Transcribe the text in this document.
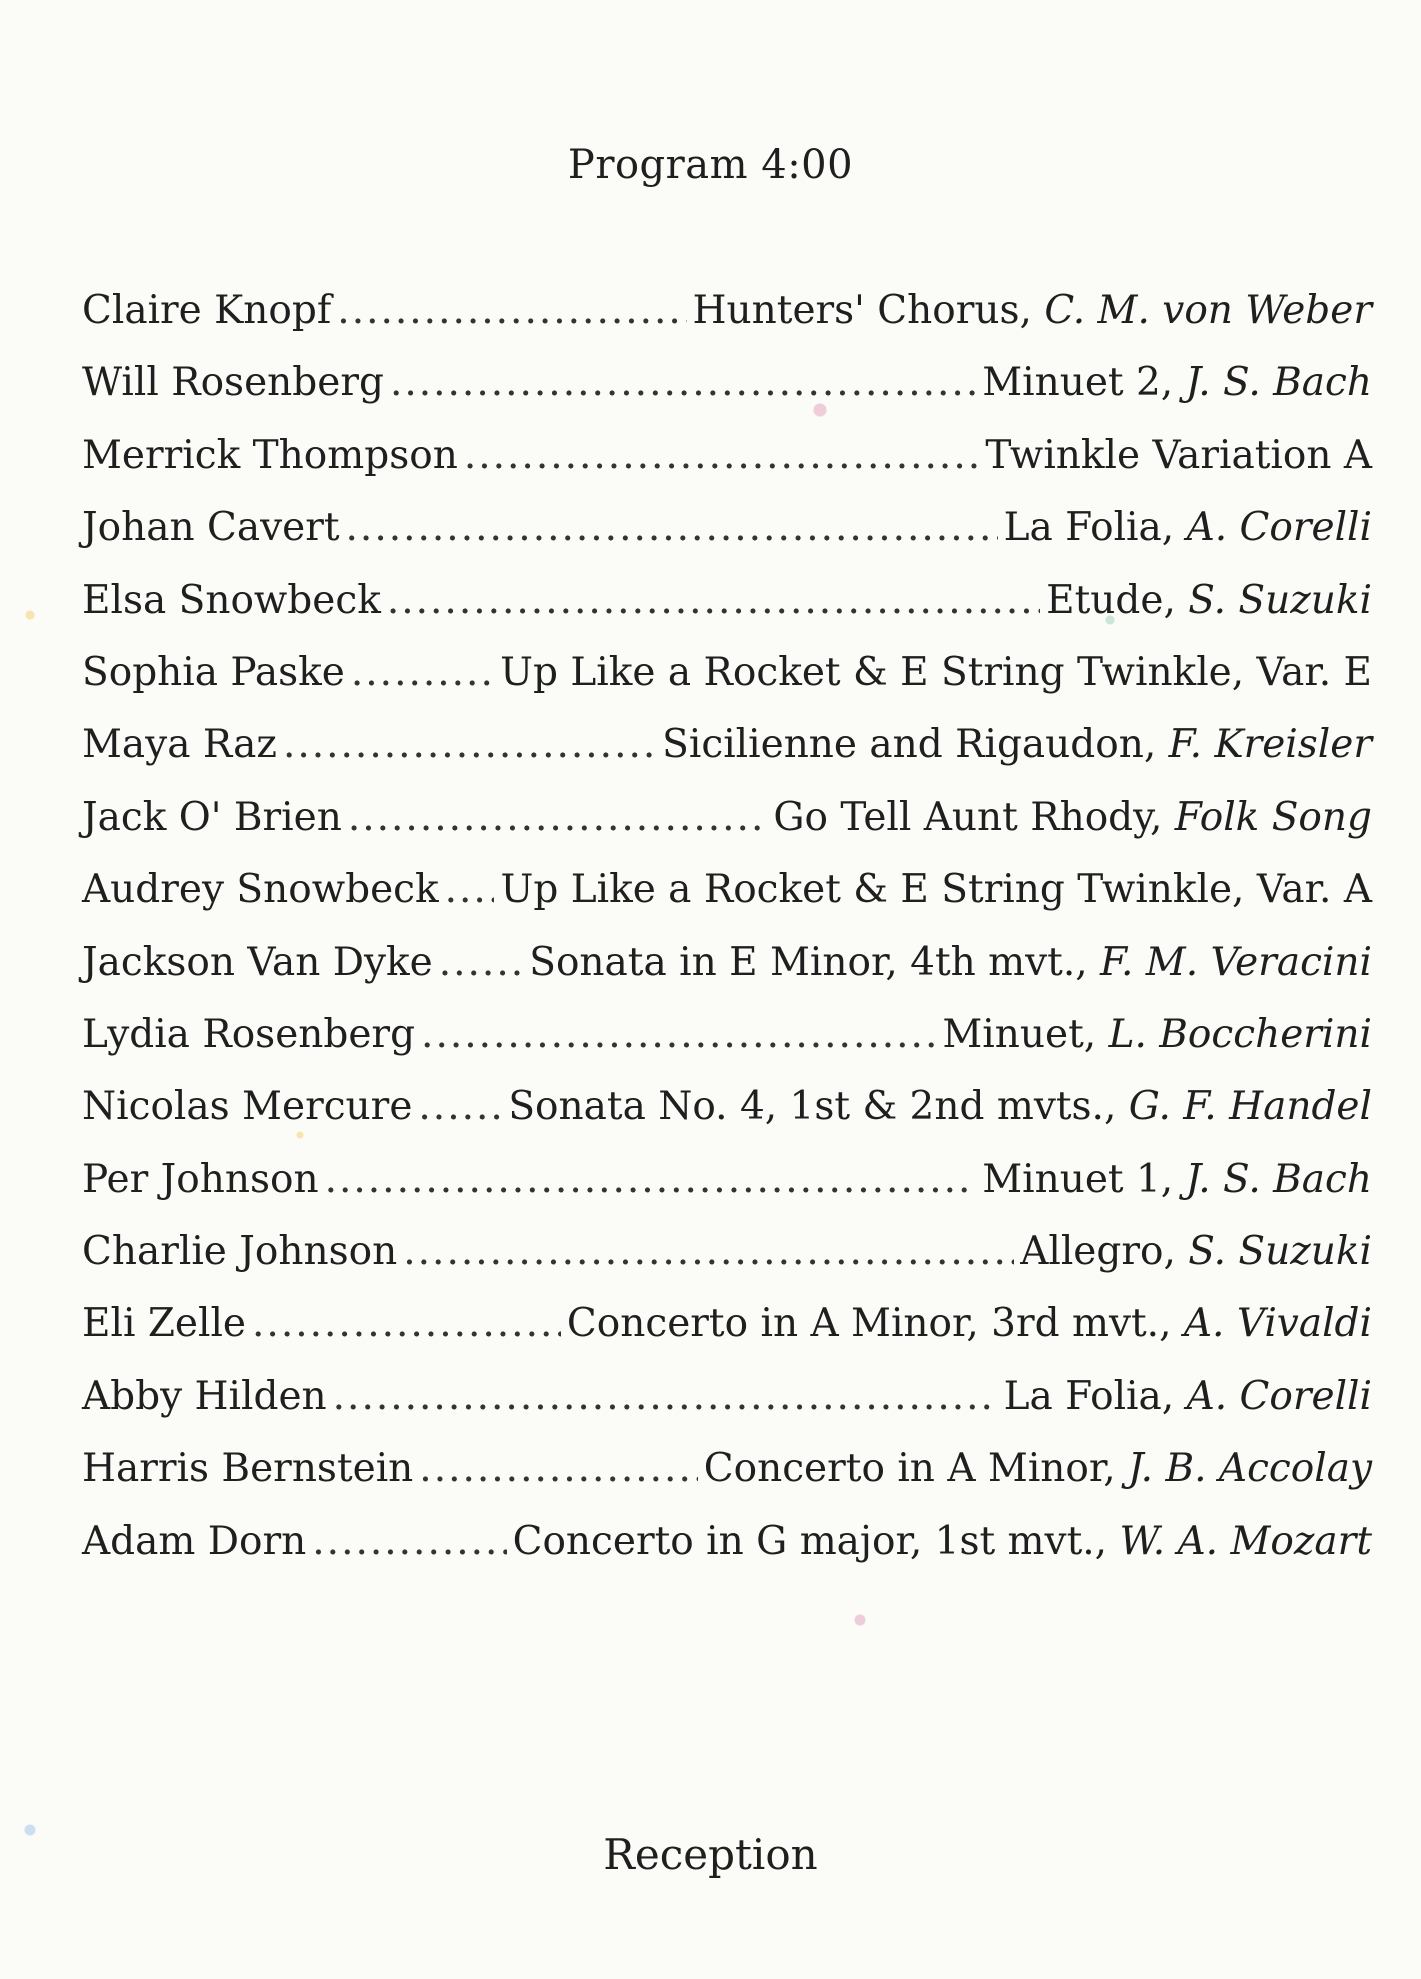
Program 4:00
Claire Knopf .....	Hunters' Chorus, C. M. von Weber
Will Rosenberg .....	Minuet 2, J. S. Bach
Merrick Thompson .....	Twinkle Variation A
Johan Cavert .....	La Folia, A. Corelli
Elsa Snowbeck .....	Etude, S. Suzuki
Sophia Paske .....	Up Like a Rocket & E String Twinkle, Var. E
Maya Raz .....	Sicilienne and Rigaudon, F. Kreisler
Jack O' Brien .....	Go Tell Aunt Rhody, Folk Song
Audrey Snowbeck ..... Up Like a Rocket & E String Twinkle, Var. A
Jackson Van Dyke ..... Sonata in E Minor, 4th mvt., F. M. Veracini
Lydia Rosenberg .....	Minuet, L. Boccherini
Nicolas Mercure ..... Sonata No. 4, 1st & 2nd mvts., G. F. Handel
Per Johnson .....	Minuet 1, J. S. Bach
Charlie Johnson .....	Allegro, S. Suzuki
Eli Zelle .....	Concerto in A Minor, 3rd mvt., A. Vivaldi
Abby Hilden .....	La Folia, A. Corelli
Harris Bernstein .....	Concerto in A Minor, J. B. Accolay
Adam Dorn .....	Concerto in G major, 1st mvt., W. A. Mozart
Reception
